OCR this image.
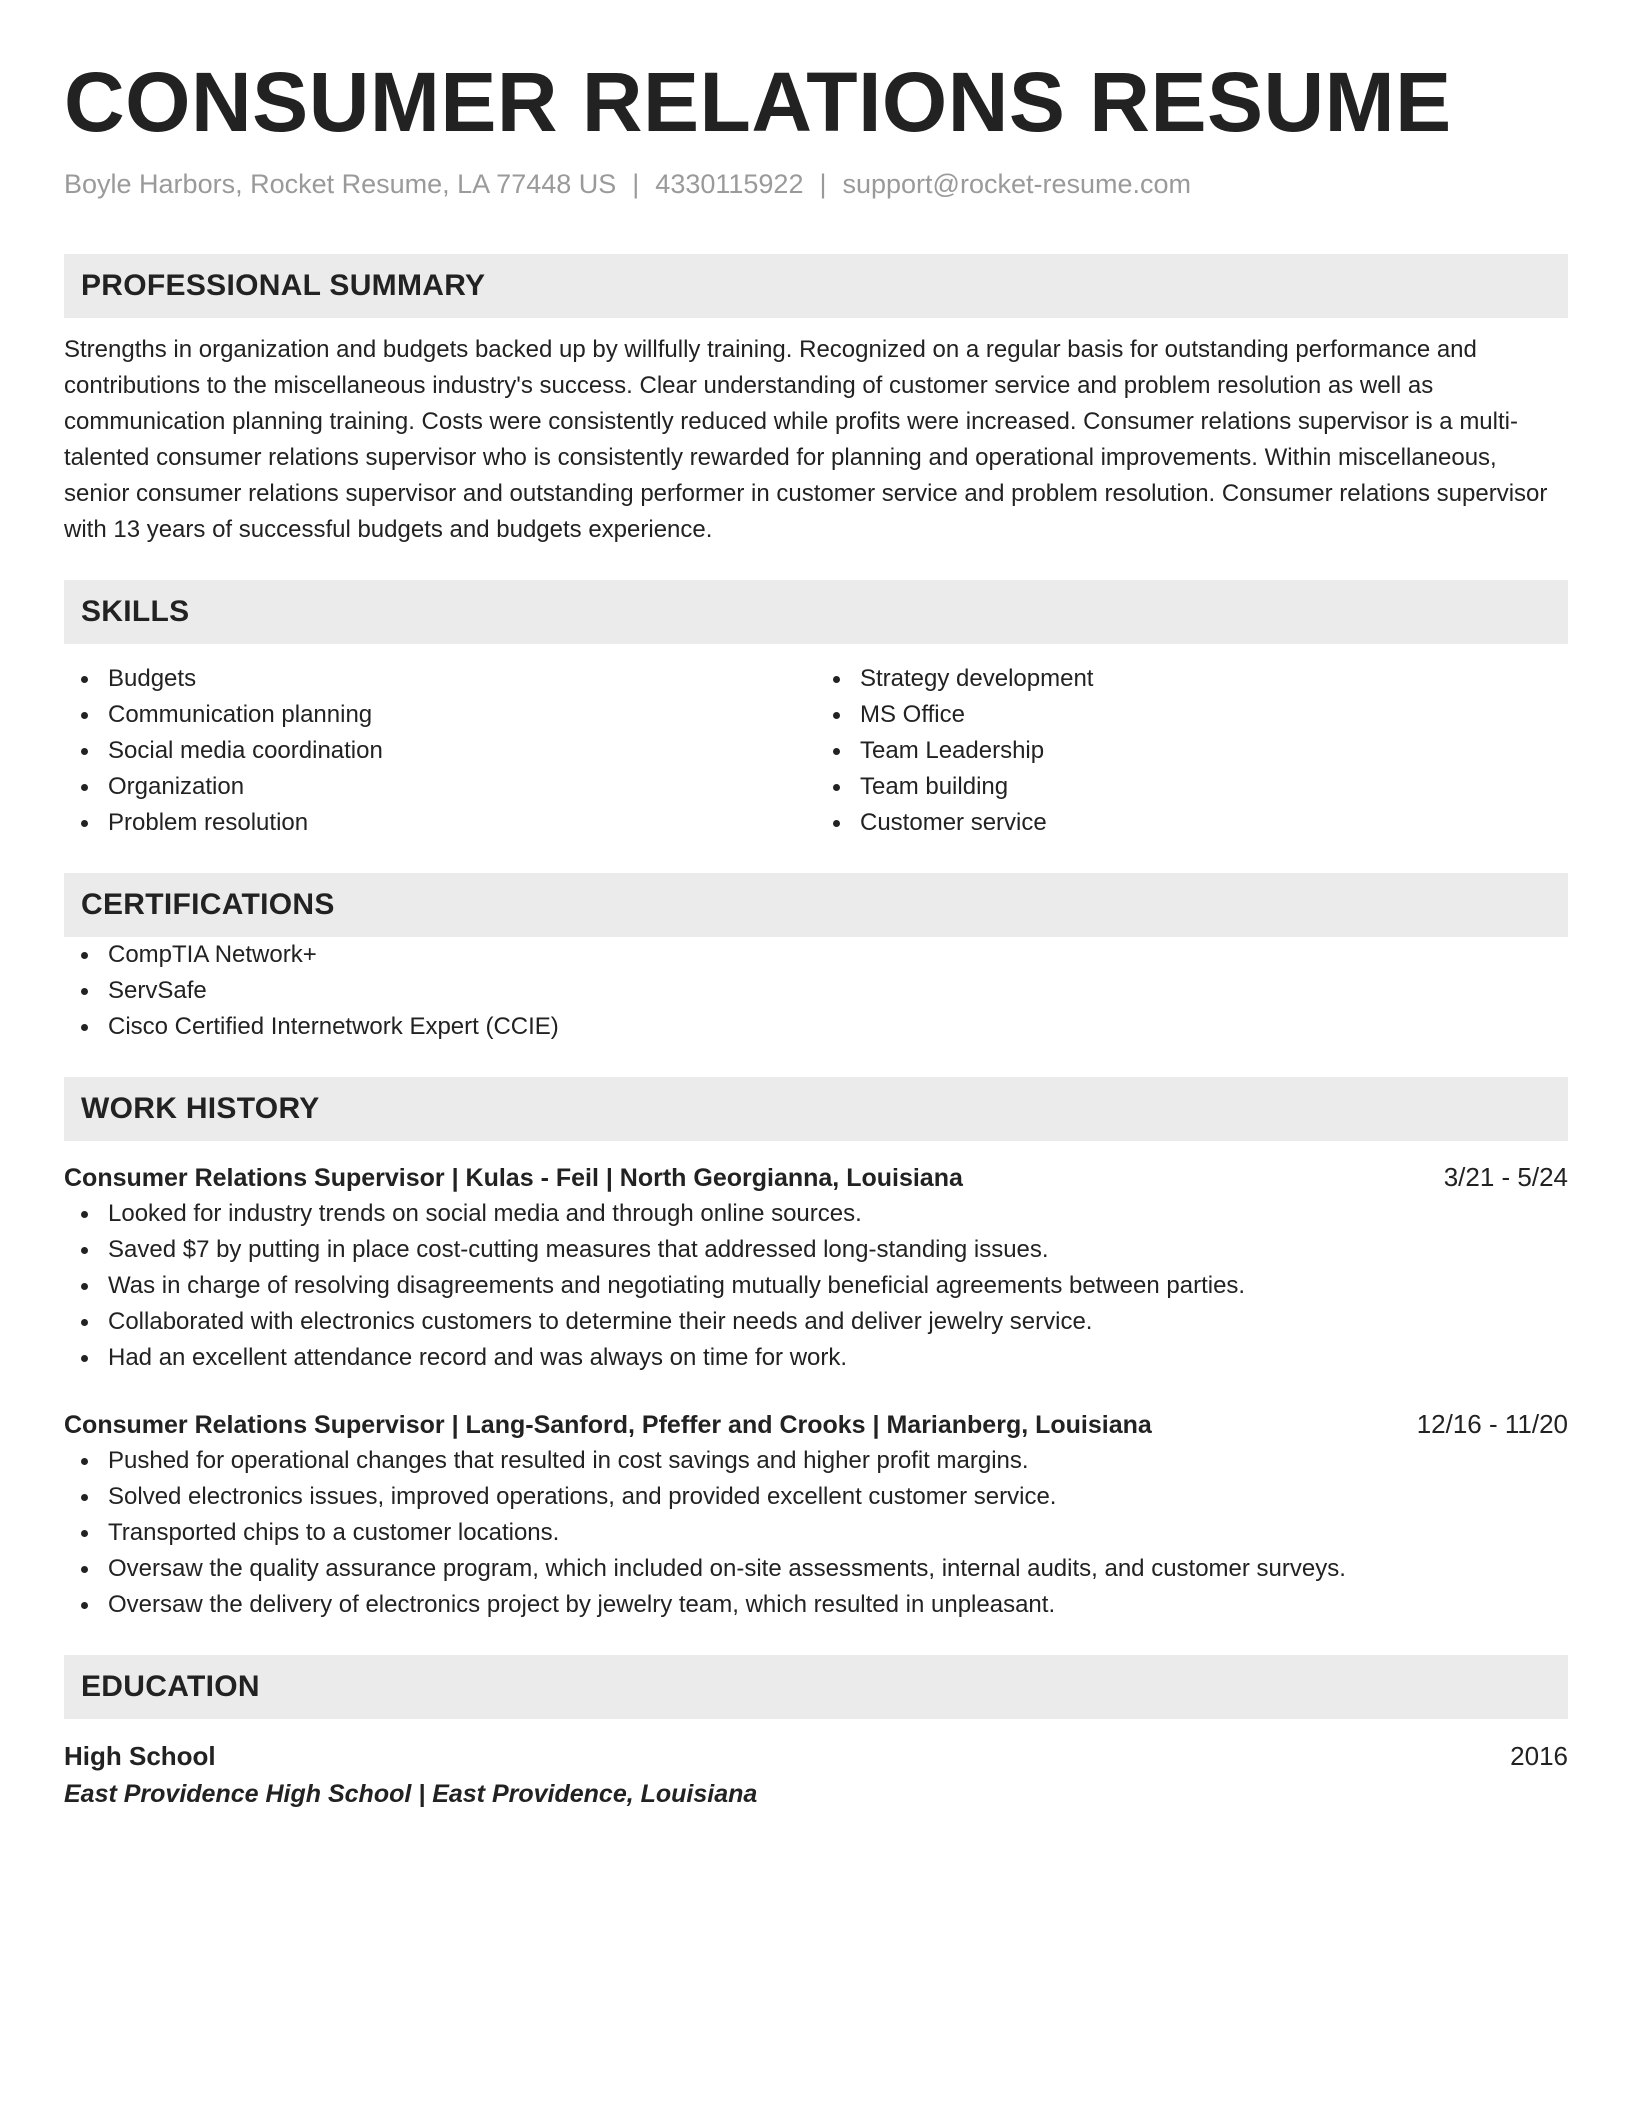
CONSUMER RELATIONS RESUME
Boyle Harbors, Rocket Resume, LA 77448 US | 4330115922 | support@rocket-resume.com
PROFESSIONAL SUMMARY
Strengths in organization and budgets backed up by willfully training. Recognized on a regular basis for outstanding performance and contributions to the miscellaneous industry's success. Clear understanding of customer service and problem resolution as well as communication planning training. Costs were consistently reduced while profits were increased. Consumer relations supervisor is a multi-talented consumer relations supervisor who is consistently rewarded for planning and operational improvements. Within miscellaneous, senior consumer relations supervisor and outstanding performer in customer service and problem resolution. Consumer relations supervisor with 13 years of successful budgets and budgets experience.
SKILLS
Budgets
Communication planning
Social media coordination
Organization
Problem resolution
Strategy development
MS Office
Team Leadership
Team building
Customer service
CERTIFICATIONS
CompTIA Network+
ServSafe
Cisco Certified Internetwork Expert (CCIE)
WORK HISTORY
Consumer Relations Supervisor | Kulas - Feil | North Georgianna, Louisiana	3/21 - 5/24
Looked for industry trends on social media and through online sources.
Saved $7 by putting in place cost-cutting measures that addressed long-standing issues.
Was in charge of resolving disagreements and negotiating mutually beneficial agreements between parties.
Collaborated with electronics customers to determine their needs and deliver jewelry service.
Had an excellent attendance record and was always on time for work.
Consumer Relations Supervisor | Lang-Sanford, Pfeffer and Crooks | Marianberg, Louisiana	12/16 - 11/20
Pushed for operational changes that resulted in cost savings and higher profit margins.
Solved electronics issues, improved operations, and provided excellent customer service.
Transported chips to a customer locations.
Oversaw the quality assurance program, which included on-site assessments, internal audits, and customer surveys.
Oversaw the delivery of electronics project by jewelry team, which resulted in unpleasant.
EDUCATION
High School	2016
East Providence High School | East Providence, Louisiana
